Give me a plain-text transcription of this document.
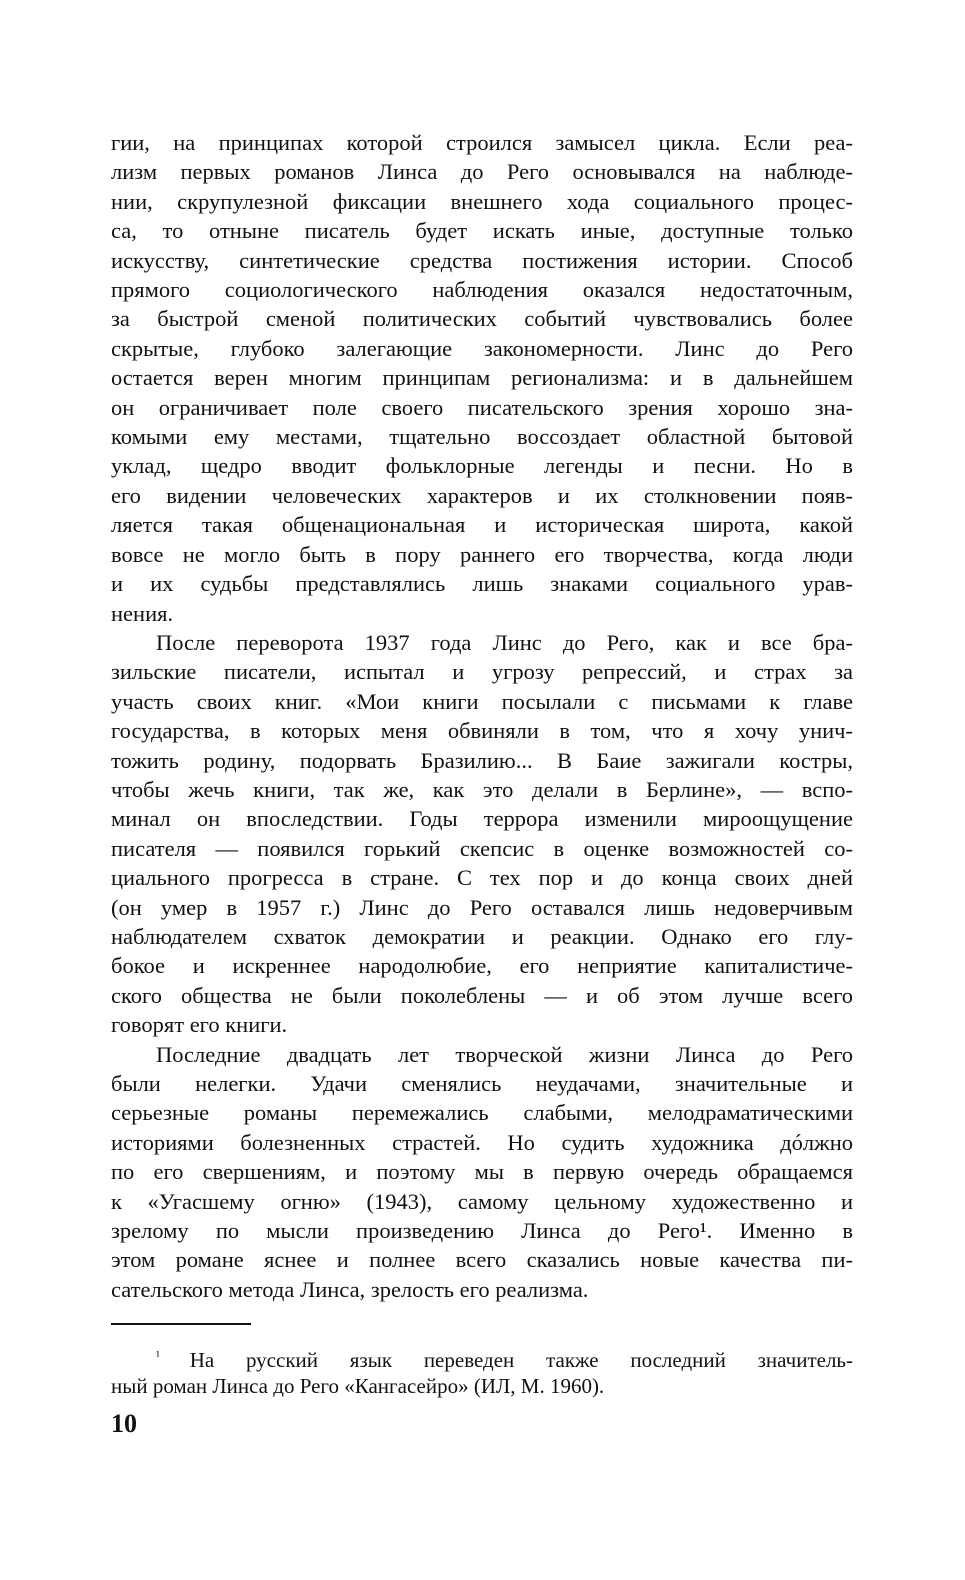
гии, на принципах которой строился замысел цикла. Если реа-
лизм первых романов Линса до Рего основывался на наблюде-
нии, скрупулезной фиксации внешнего хода социального процес-
са, то отныне писатель будет искать иные, доступные только
искусству, синтетические средства постижения истории. Способ
прямого социологического наблюдения оказался недостаточным,
за быстрой сменой политических событий чувствовались более
скрытые, глубоко залегающие закономерности. Линс до Рего
остается верен многим принципам регионализма: и в дальнейшем
он ограничивает поле своего писательского зрения хорошо зна-
комыми ему местами, тщательно воссоздает областной бытовой
уклад, щедро вводит фольклорные легенды и песни. Но в
его видении человеческих характеров и их столкновении появ-
ляется такая общенациональная и историческая широта, какой
вовсе не могло быть в пору раннего его творчества, когда люди
и их судьбы представлялись лишь знаками социального урав-
нения.
После переворота 1937 года Линс до Рего, как и все бра-
зильские писатели, испытал и угрозу репрессий, и страх за
участь своих книг. «Мои книги посылали с письмами к главе
государства, в которых меня обвиняли в том, что я хочу унич-
тожить родину, подорвать Бразилию... В Баие зажигали костры,
чтобы жечь книги, так же, как это делали в Берлине», — вспо-
минал он впоследствии. Годы террора изменили мироощущение
писателя — появился горький скепсис в оценке возможностей со-
циального прогресса в стране. С тех пор и до конца своих дней
(он умер в 1957 г.) Линс до Рего оставался лишь недоверчивым
наблюдателем схваток демократии и реакции. Однако его глу-
бокое и искреннее народолюбие, его неприятие капиталистиче-
ского общества не были поколеблены — и об этом лучше всего
говорят его книги.
Последние двадцать лет творческой жизни Линса до Рего
были нелегки. Удачи сменялись неудачами, значительные и
серьезные романы перемежались слабыми, мелодраматическими
историями болезненных страстей. Но судить художника дóлжно
по его свершениям, и поэтому мы в первую очередь обращаемся
к «Угасшему огню» (1943), самому цельному художественно и
зрелому по мысли произведению Линса до Рего¹. Именно в
этом романе яснее и полнее всего сказались новые качества пи-
сательского метода Линса, зрелость его реализма.
$^{^1}$ На русский язык переведен также последний значитель-
ный роман Линса до Рего «Кангасейро» (ИЛ, М. 1960).
10
